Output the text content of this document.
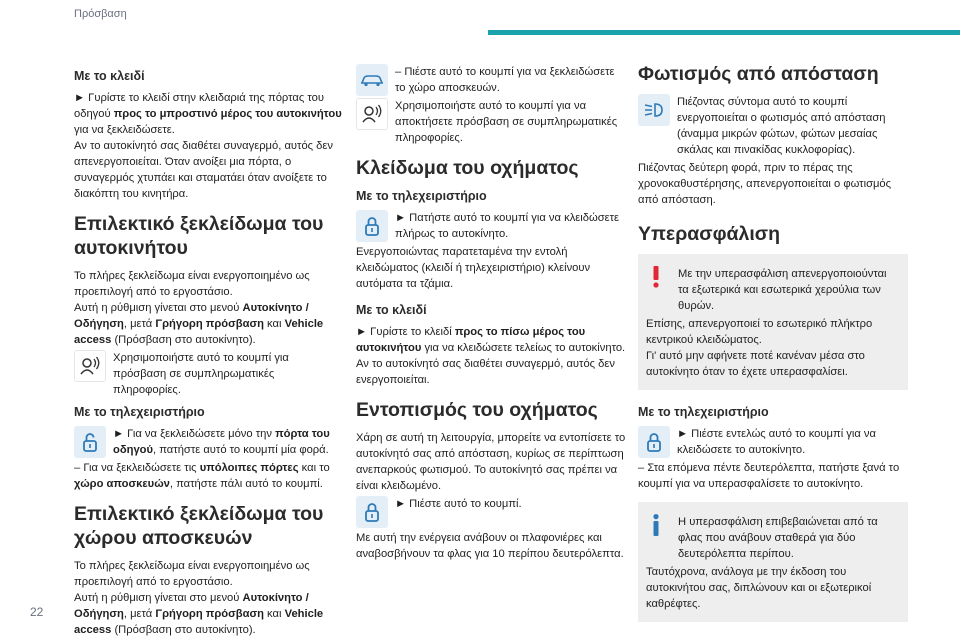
Πρόσβαση
Με το κλειδί

► Γυρίστε το κλειδί στην κλειδαριά της πόρτας του οδηγού προς το μπροστινό μέρος του αυτοκινήτου για να ξεκλειδώσετε.

Αν το αυτοκίνητό σας διαθέτει συναγερμό, αυτός δεν απενεργοποιείται. Όταν ανοίξει μια πόρτα, ο συναγερμός χτυπάει και σταματάει όταν ανοίξετε το διακόπτη του κινητήρα.

Επιλεκτικό ξεκλείδωμα του αυτοκινήτου

Το πλήρες ξεκλείδωμα είναι ενεργοποιημένο ως προεπιλογή από το εργοστάσιο.

Αυτή η ρύθμιση γίνεται στο μενού Αυτοκίνητο / Οδήγηση, μετά Γρήγορη πρόσβαση και Vehicle access (Πρόσβαση στο αυτοκίνητο).

Χρησιμοποιήστε αυτό το κουμπί για πρόσβαση σε συμπληρωματικές πληροφορίες.
Με το τηλεχειριστήριο
► Για να ξεκλειδώσετε μόνο την πόρτα του οδηγού, πατήστε αυτό το κουμπί μία φορά.

– Για να ξεκλειδώσετε τις υπόλοιπες πόρτες και το χώρο αποσκευών, πατήστε πάλι αυτό το κουμπί.

Επιλεκτικό ξεκλείδωμα του χώρου αποσκευών

Το πλήρες ξεκλείδωμα είναι ενεργοποιημένο ως προεπιλογή από το εργοστάσιο.

Αυτή η ρύθμιση γίνεται στο μενού Αυτοκίνητο / Οδήγηση, μετά Γρήγορη πρόσβαση και Vehicle access (Πρόσβαση στο αυτοκίνητο).

– Πιέστε αυτό το κουμπί για να ξεκλειδώσετε το χώρο αποσκευών.
Χρησιμοποιήστε αυτό το κουμπί για να αποκτήσετε πρόσβαση σε συμπληρωματικές πληροφορίες.
Κλείδωμα του οχήματος
Με το τηλεχειριστήριο
► Πατήστε αυτό το κουμπί για να κλειδώσετε πλήρως το αυτοκίνητο.

Ενεργοποιώντας παρατεταμένα την εντολή κλειδώματος (κλειδί ή τηλεχειριστήριο) κλείνουν αυτόματα τα τζάμια.

Με το κλειδί

► Γυρίστε το κλειδί προς το πίσω μέρος του αυτοκινήτου για να κλειδώσετε τελείως το αυτοκίνητο.

Αν το αυτοκίνητό σας διαθέτει συναγερμό, αυτός δεν ενεργοποιείται.

Εντοπισμός του οχήματος

Χάρη σε αυτή τη λειτουργία, μπορείτε να εντοπίσετε το αυτοκίνητό σας από απόσταση, κυρίως σε περίπτωση ανεπαρκούς φωτισμού. Το αυτοκίνητό σας πρέπει να είναι κλειδωμένο.

► Πιέστε αυτό το κουμπί.

Με αυτή την ενέργεια ανάβουν οι πλαφονιέρες και αναβοσβήνουν τα φλας για 10 περίπου δευτερόλεπτα.

Φωτισμός από απόσταση
Πιέζοντας σύντομα αυτό το κουμπί ενεργοποιείται ο φωτισμός από απόσταση (άναμμα μικρών φώτων, φώτων μεσαίας σκάλας και πινακίδας κυκλοφορίας).

Πιέζοντας δεύτερη φορά, πριν το πέρας της χρονοκαθυστέρησης, απενεργοποιείται ο φωτισμός από απόσταση.

Υπερασφάλιση
Με την υπερασφάλιση απενεργοποιούνται τα εξωτερικά και εσωτερικά χερούλια των θυρών.

Επίσης, απενεργοποιεί το εσωτερικό πλήκτρο κεντρικού κλειδώματος.

Γι' αυτό μην αφήνετε ποτέ κανέναν μέσα στο αυτοκίνητο όταν το έχετε υπερασφαλίσει.

Με το τηλεχειριστήριο
► Πιέστε εντελώς αυτό το κουμπί για να κλειδώσετε το αυτοκίνητο.

– Στα επόμενα πέντε δευτερόλεπτα, πατήστε ξανά το κουμπί για να υπερασφαλίσετε το αυτοκίνητο.

Η υπερασφάλιση επιβεβαιώνεται από τα φλας που ανάβουν σταθερά για δύο δευτερόλεπτα περίπου.

Ταυτόχρονα, ανάλογα με την έκδοση του αυτοκινήτου σας, διπλώνουν και οι εξωτερικοί καθρέφτες.

22
